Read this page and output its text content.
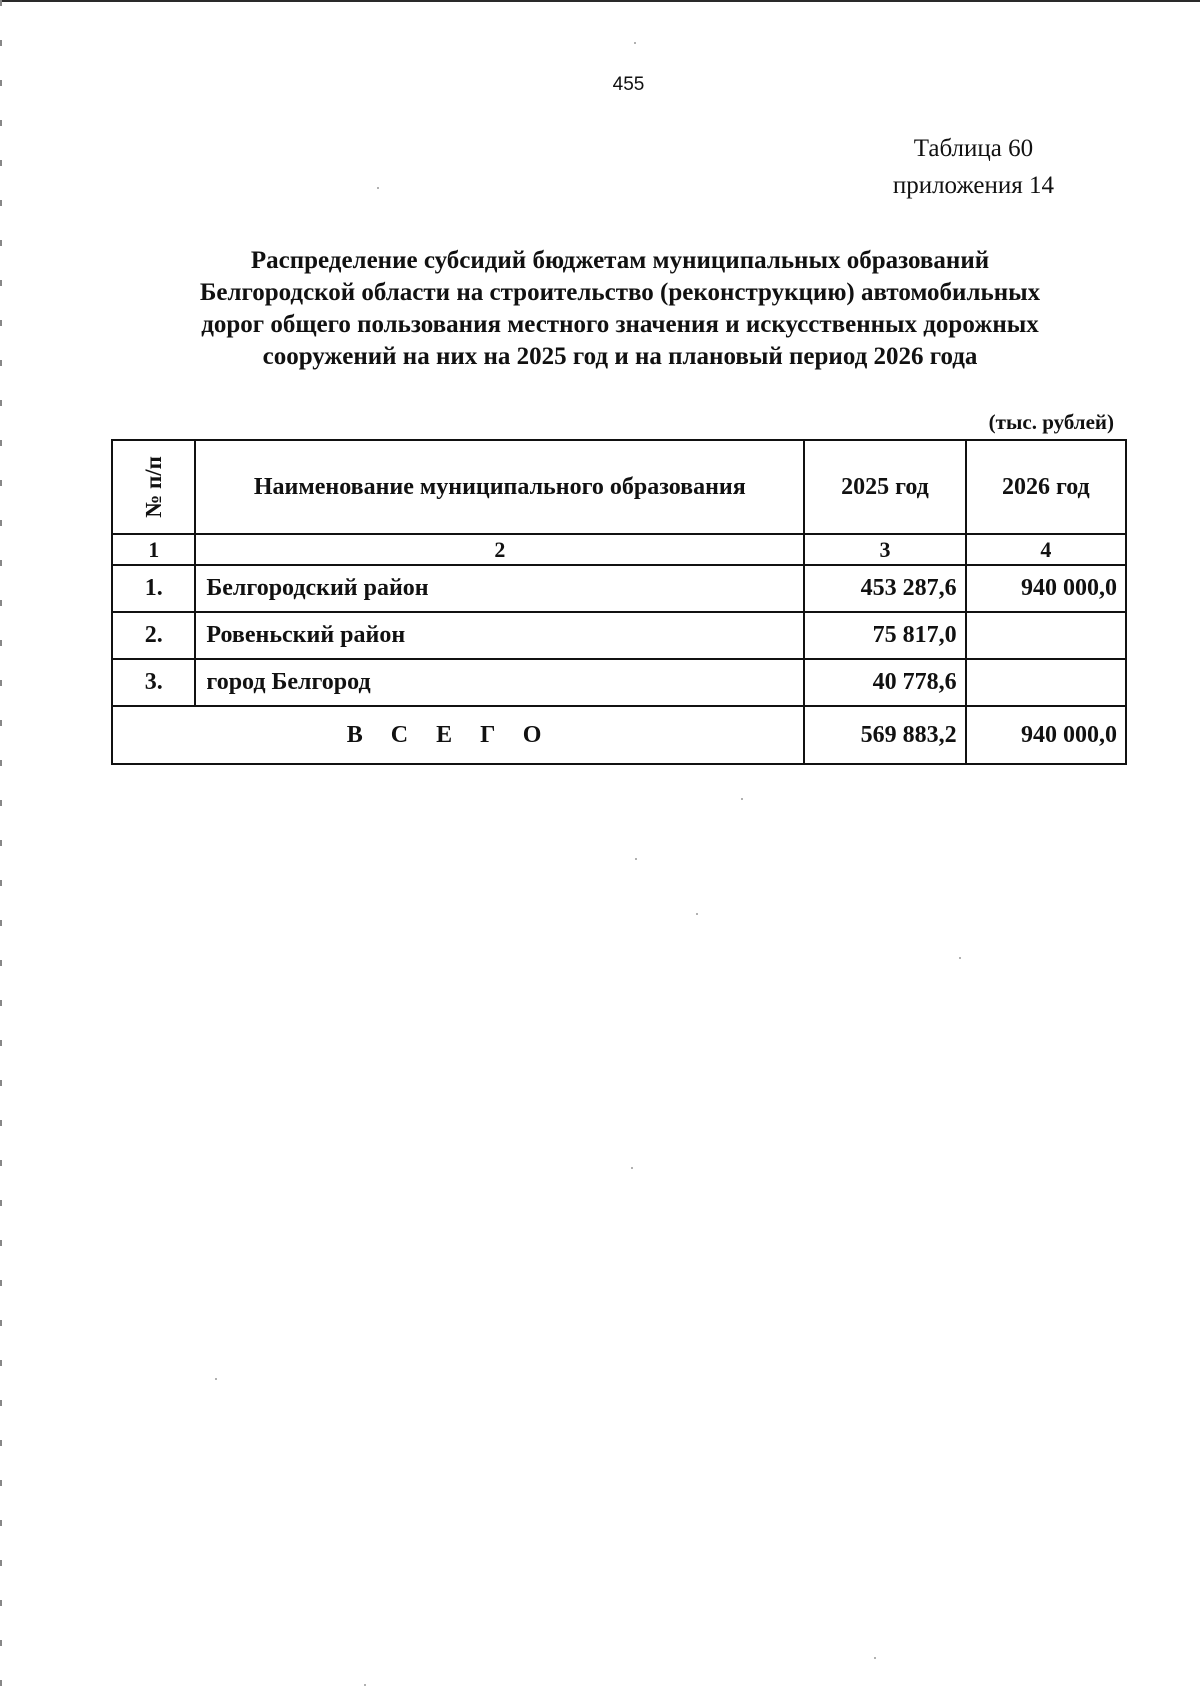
455
Таблица 60
приложения 14
Распределение субсидий бюджетам муниципальных образований
Белгородской области на строительство (реконструкцию) автомобильных
дорог общего пользования местного значения и искусственных дорожных
сооружений на них на 2025 год и на плановый период 2026 года
(тыс. рублей)
№ п/п	Наименование муниципального образования	2025 год	2026 год
1	2	3	4
1.	Белгородский район	453 287,6	940 000,0
2.	Ровеньский район	75 817,0	
3.	город Белгород	40 778,6	
ВСЕГО		569 883,2	940 000,0
